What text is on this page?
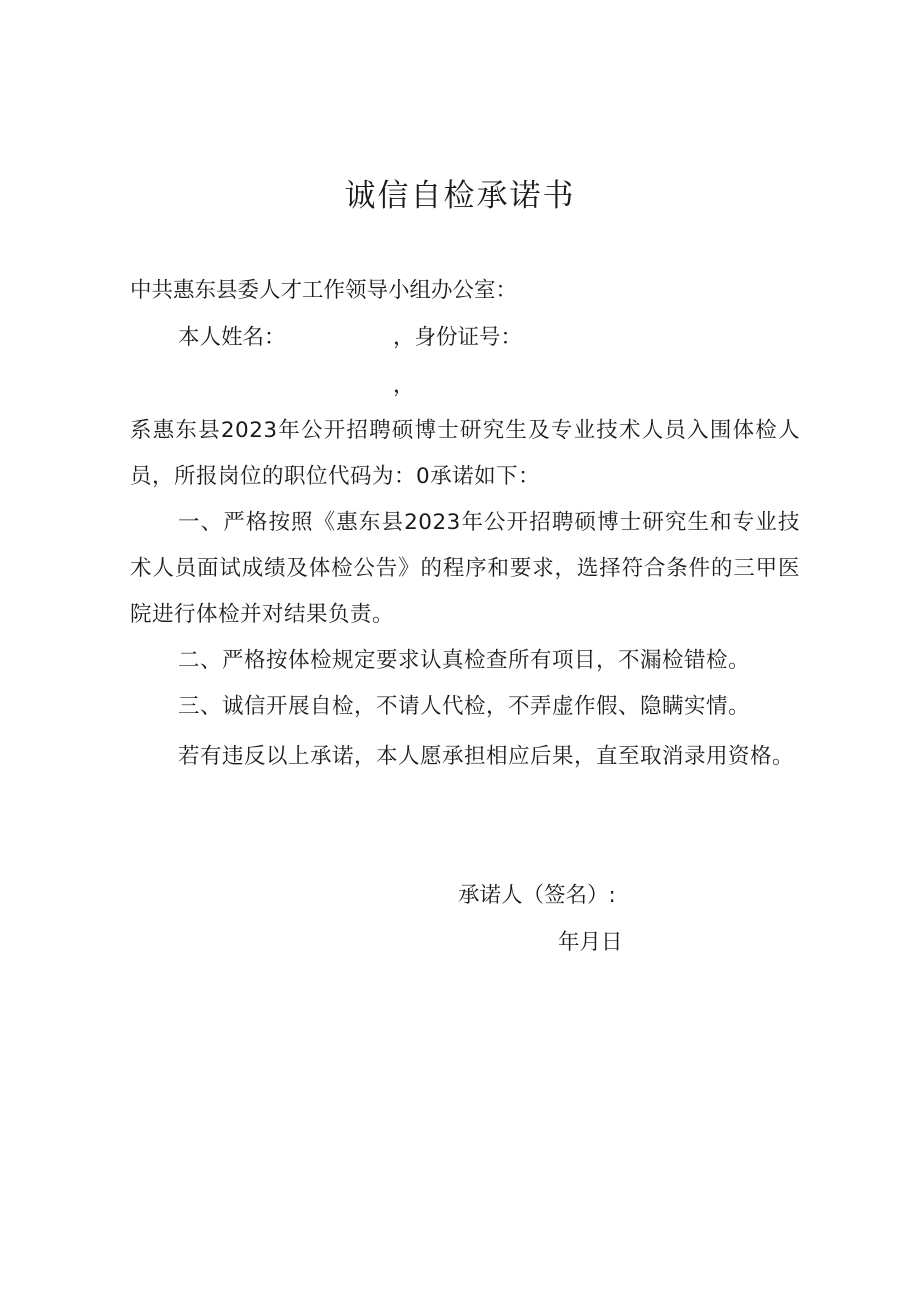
诚信自检承诺书
中共惠东县委人才工作领导小组办公室：
本人姓名：	，身份证号：
，
系惠东县2023年公开招聘硕博士研究生及专业技术人员入围体检人员，所报岗位的职位代码为：0承诺如下：
一、严格按照《惠东县2023年公开招聘硕博士研究生和专业技术人员面试成绩及体检公告》的程序和要求，选择符合条件的三甲医院进行体检并对结果负责。
二、严格按体检规定要求认真检查所有项目，不漏检错检。
三、诚信开展自检，不请人代检，不弄虚作假、隐瞒实情。
若有违反以上承诺，本人愿承担相应后果，直至取消录用资格。
承诺人（签名）:
年月日
